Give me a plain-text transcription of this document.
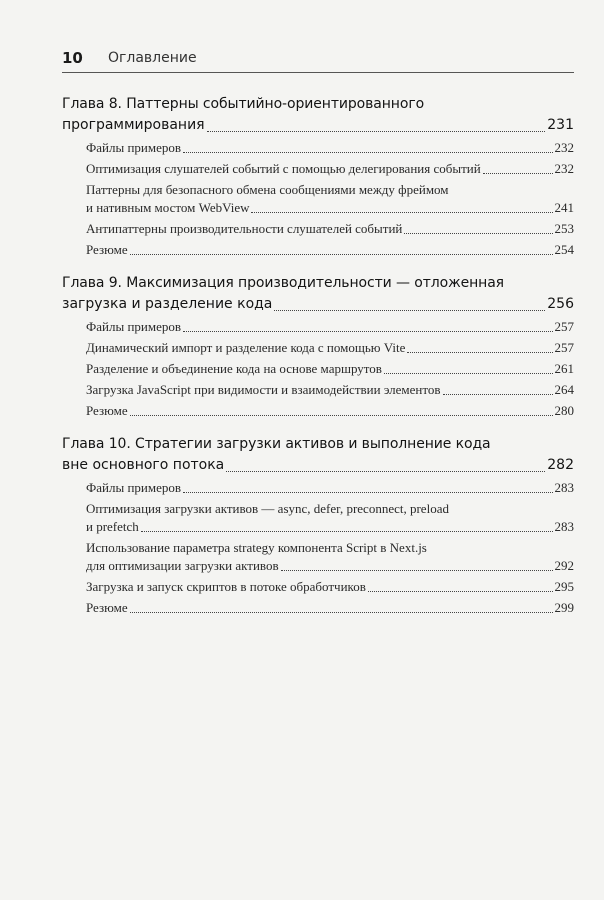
10 Оглавление
Глава 8. Паттерны событийно-ориентированного
программирования	231
Файлы примеров	232
Оптимизация слушателей событий с помощью делегирования событий	232
Паттерны для безопасного обмена сообщениями между фреймом
и нативным мостом WebView	241
Антипаттерны производительности слушателей событий	253
Резюме	254
Глава 9. Максимизация производительности — отложенная
загрузка и разделение кода	256
Файлы примеров	257
Динамический импорт и разделение кода с помощью Vite	257
Разделение и объединение кода на основе маршрутов	261
Загрузка JavaScript при видимости и взаимодействии элементов	264
Резюме	280
Глава 10. Стратегии загрузки активов и выполнение кода
вне основного потока	282
Файлы примеров	283
Оптимизация загрузки активов — async, defer, preconnect, preload
и prefetch	283
Использование параметра strategy компонента Script в Next.js
для оптимизации загрузки активов	292
Загрузка и запуск скриптов в потоке обработчиков	295
Резюме	299
